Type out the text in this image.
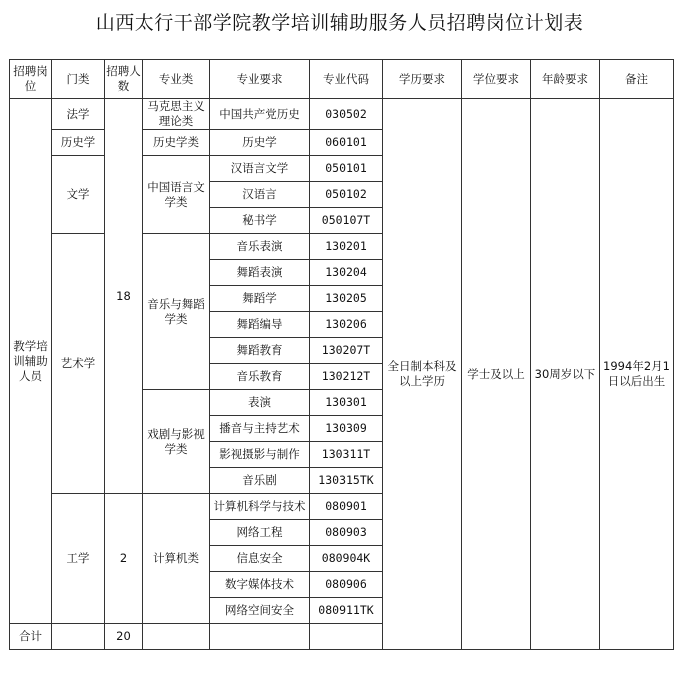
山西太行干部学院教学培训辅助服务人员招聘岗位计划表
招聘岗位	门类	招聘人数	专业类	专业要求	专业代码	学历要求	学位要求	年龄要求	备注
教学培训辅助人员	法学	18	马克思主义理论类	中国共产党历史	030502	全日制本科及以上学历	学士及以上	30周岁以下	1994年2月1日以后出生
	历史学		历史学类	历史学	060101				
	文学		中国语言文学类	汉语言文学	050101				
				汉语言	050102				
				秘书学	050107T				
	艺术学		音乐与舞蹈学类	音乐表演	130201				
				舞蹈表演	130204				
				舞蹈学	130205				
				舞蹈编导	130206				
				舞蹈教育	130207T				
				音乐教育	130212T				
			戏剧与影视学类	表演	130301				
				播音与主持艺术	130309				
				影视摄影与制作	130311T				
				音乐剧	130315TK				
	工学	2	计算机类	计算机科学与技术	080901				
				网络工程	080903				
				信息安全	080904K				
				数字媒体技术	080906				
				网络空间安全	080911TK				
合计		20							
